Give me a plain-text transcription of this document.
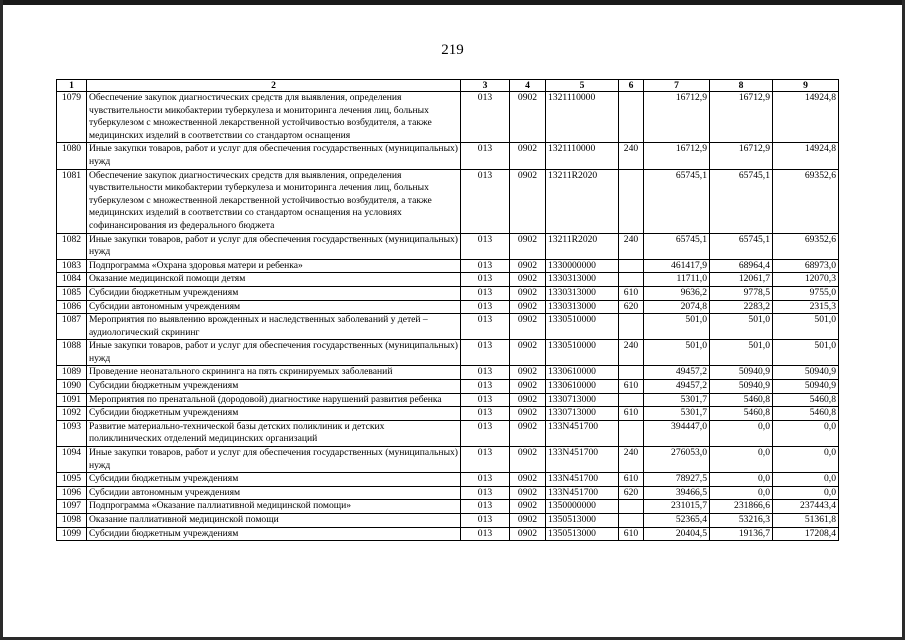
219
1	2	3	4	5	6	7	8	9
1079	Обеспечение закупок диагностических средств для выявления, определения чувствительности микобактерии туберкулеза и мониторинга лечения лиц, больных туберкулезом с множественной лекарственной устойчивостью возбудителя, а также медицинских изделий в соответствии со стандартом оснащения	013	0902	1321110000		16712,9	16712,9	14924,8
1080	Иные закупки товаров, работ и услуг для обеспечения государственных (муниципальных) нужд	013	0902	1321110000	240	16712,9	16712,9	14924,8
1081	Обеспечение закупок диагностических средств для выявления, определения чувствительности микобактерии туберкулеза и мониторинга лечения лиц, больных туберкулезом с множественной лекарственной устойчивостью возбудителя, а также медицинских изделий в соответствии со стандартом оснащения на условиях софинансирования из федерального бюджета	013	0902	13211R2020		65745,1	65745,1	69352,6
1082	Иные закупки товаров, работ и услуг для обеспечения государственных (муниципальных) нужд	013	0902	13211R2020	240	65745,1	65745,1	69352,6
1083	Подпрограмма «Охрана здоровья матери и ребенка»	013	0902	1330000000		461417,9	68964,4	68973,0
1084	Оказание медицинской помощи детям	013	0902	1330313000		11711,0	12061,7	12070,3
1085	Субсидии бюджетным учреждениям	013	0902	1330313000	610	9636,2	9778,5	9755,0
1086	Субсидии автономным учреждениям	013	0902	1330313000	620	2074,8	2283,2	2315,3
1087	Мероприятия по выявлению врожденных и наследственных заболеваний у детей – аудиологический скрининг	013	0902	1330510000		501,0	501,0	501,0
1088	Иные закупки товаров, работ и услуг для обеспечения государственных (муниципальных) нужд	013	0902	1330510000	240	501,0	501,0	501,0
1089	Проведение неонатального скрининга на пять скринируемых заболеваний	013	0902	1330610000		49457,2	50940,9	50940,9
1090	Субсидии бюджетным учреждениям	013	0902	1330610000	610	49457,2	50940,9	50940,9
1091	Мероприятия по пренатальной (дородовой) диагностике нарушений развития ребенка	013	0902	1330713000		5301,7	5460,8	5460,8
1092	Субсидии бюджетным учреждениям	013	0902	1330713000	610	5301,7	5460,8	5460,8
1093	Развитие материально-технической базы детских поликлиник и детских поликлинических отделений медицинских организаций	013	0902	133N451700		394447,0	0,0	0,0
1094	Иные закупки товаров, работ и услуг для обеспечения государственных (муниципальных) нужд	013	0902	133N451700	240	276053,0	0,0	0,0
1095	Субсидии бюджетным учреждениям	013	0902	133N451700	610	78927,5	0,0	0,0
1096	Субсидии автономным учреждениям	013	0902	133N451700	620	39466,5	0,0	0,0
1097	Подпрограмма «Оказание паллиативной медицинской помощи»	013	0902	1350000000		231015,7	231866,6	237443,4
1098	Оказание паллиативной медицинской помощи	013	0902	1350513000		52365,4	53216,3	51361,8
1099	Субсидии бюджетным учреждениям	013	0902	1350513000	610	20404,5	19136,7	17208,4
